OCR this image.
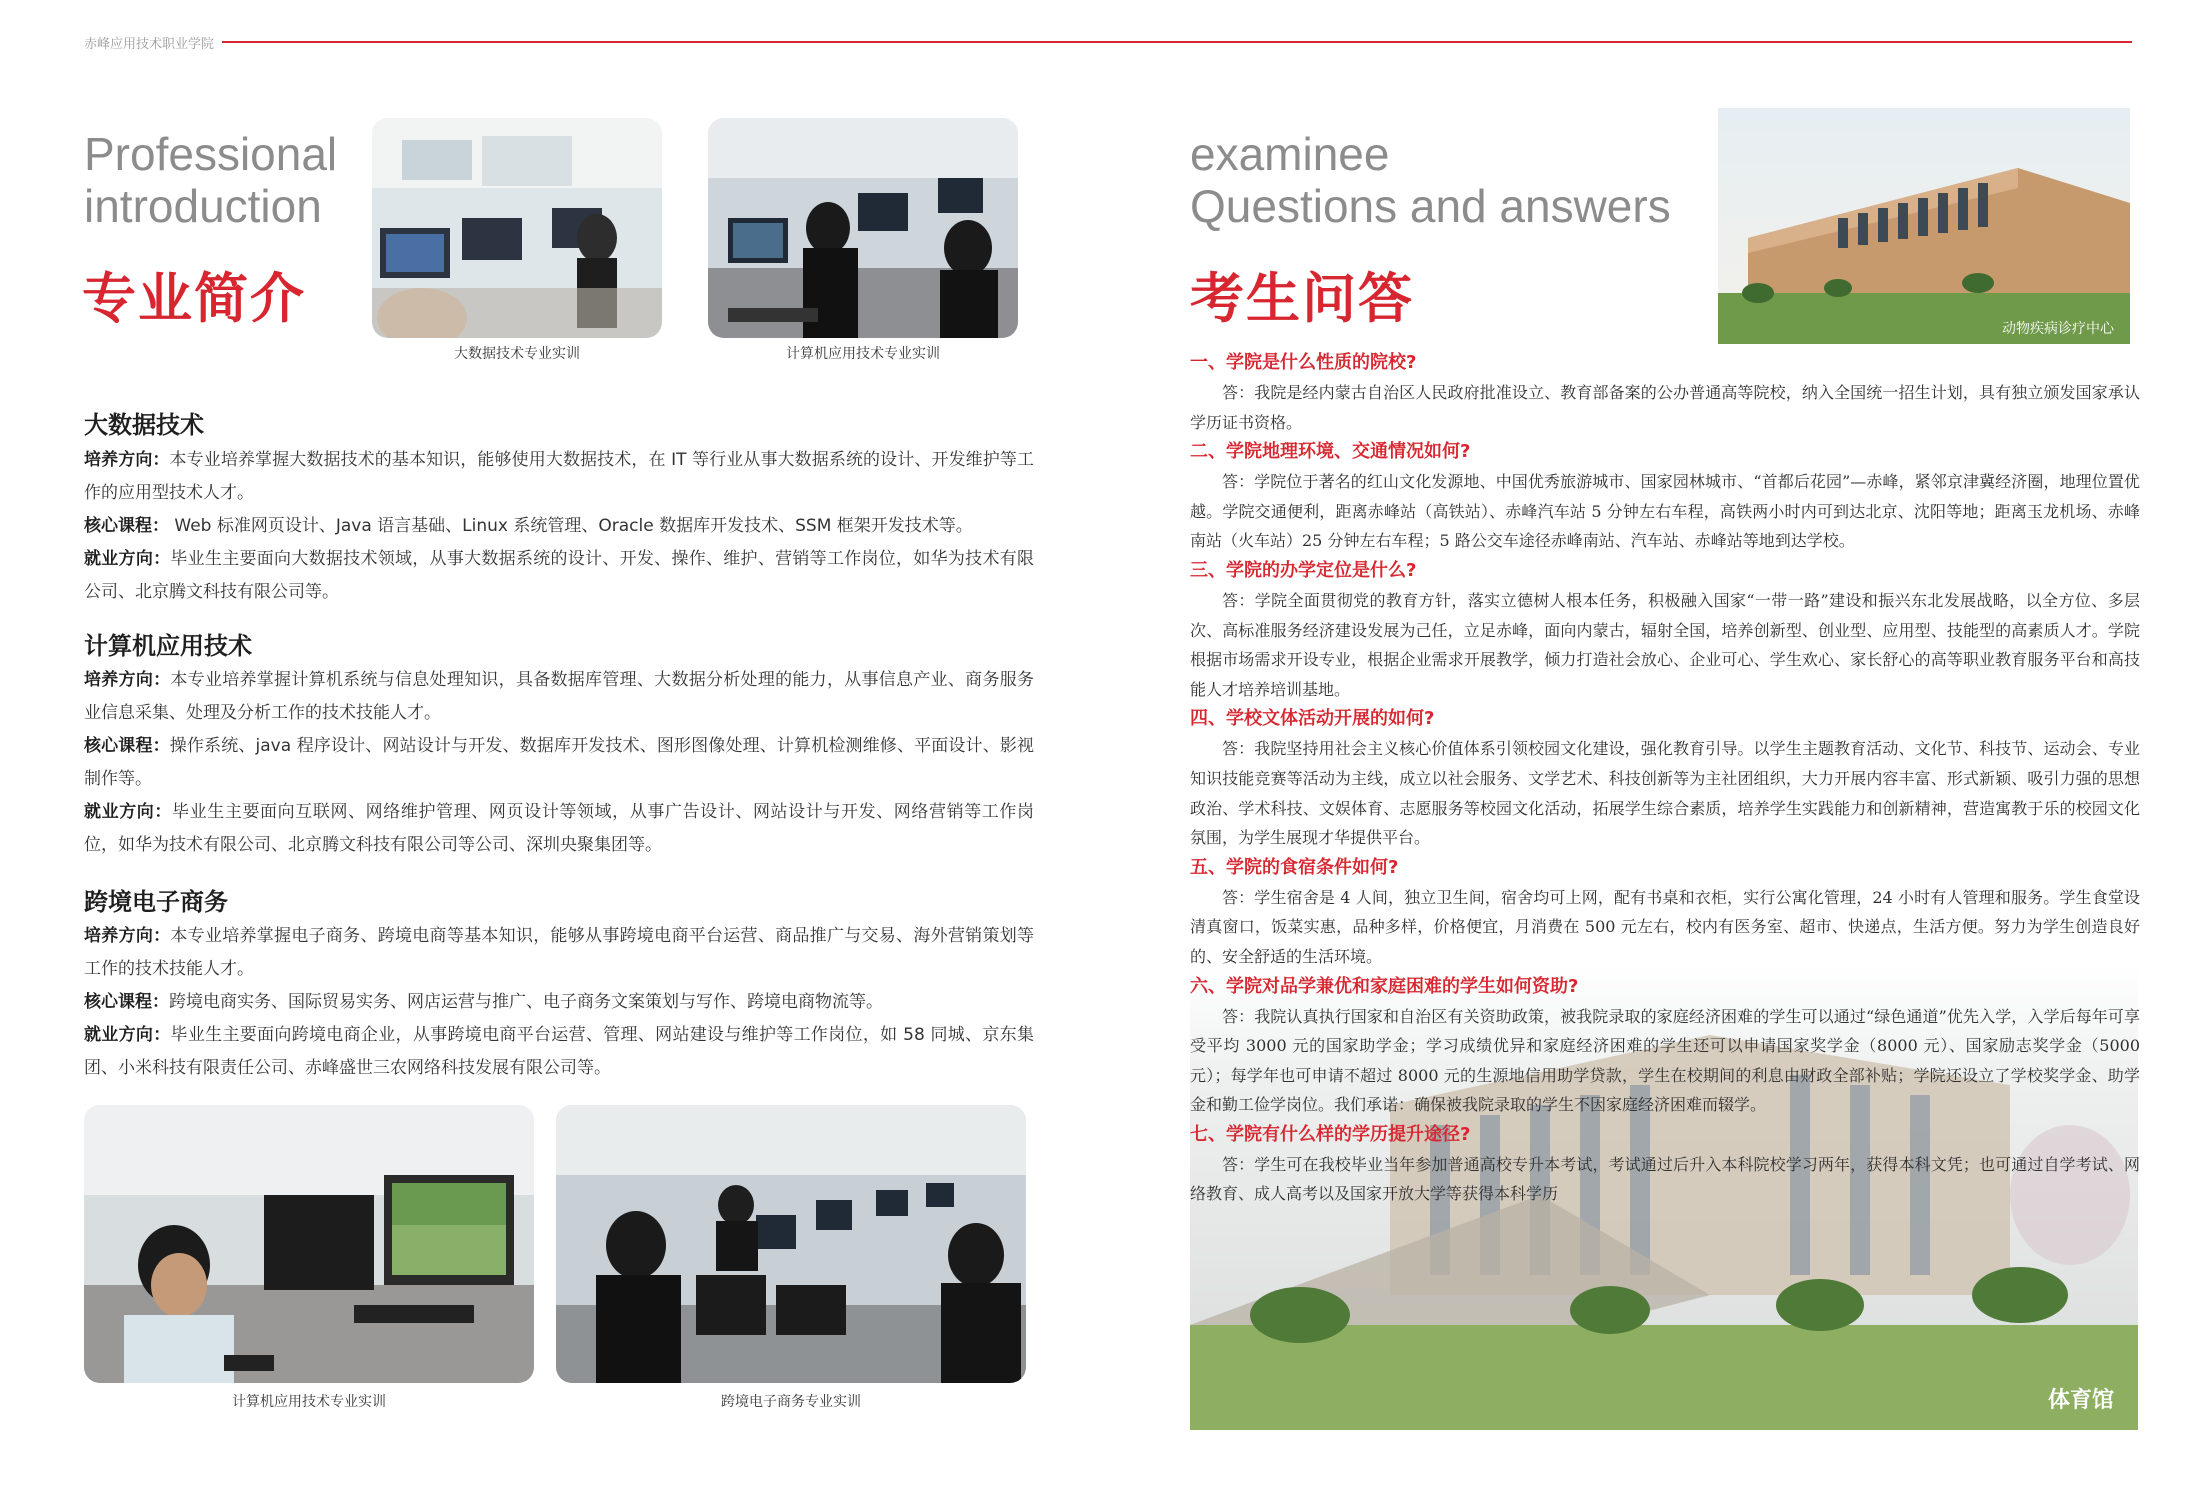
赤峰应用技术职业学院
Professional
introduction
专业简介
大数据技术专业实训	计算机应用技术专业实训
大数据技术
培养方向：本专业培养掌握大数据技术的基本知识，能够使用大数据技术，在 IT 等行业从事大数据系统的设计、开发维护等工作的应用型技术人才。
核心课程： Web 标准网页设计、Java 语言基础、Linux 系统管理、Oracle 数据库开发技术、SSM 框架开发技术等。
就业方向：毕业生主要面向大数据技术领域，从事大数据系统的设计、开发、操作、维护、营销等工作岗位，如华为技术有限公司、北京腾文科技有限公司等。
计算机应用技术
培养方向：本专业培养掌握计算机系统与信息处理知识，具备数据库管理、大数据分析处理的能力，从事信息产业、商务服务业信息采集、处理及分析工作的技术技能人才。
核心课程：操作系统、java 程序设计、网站设计与开发、数据库开发技术、图形图像处理、计算机检测维修、平面设计、影视制作等。
就业方向：毕业生主要面向互联网、网络维护管理、网页设计等领域，从事广告设计、网站设计与开发、网络营销等工作岗位，如华为技术有限公司、北京腾文科技有限公司等公司、深圳央聚集团等。
跨境电子商务
培养方向：本专业培养掌握电子商务、跨境电商等基本知识，能够从事跨境电商平台运营、商品推广与交易、海外营销策划等工作的技术技能人才。
核心课程：跨境电商实务、国际贸易实务、网店运营与推广、电子商务文案策划与写作、跨境电商物流等。
就业方向：毕业生主要面向跨境电商企业，从事跨境电商平台运营、管理、网站建设与维护等工作岗位，如 58 同城、京东集团、小米科技有限责任公司、赤峰盛世三农网络科技发展有限公司等。
计算机应用技术专业实训	跨境电子商务专业实训
examinee
Questions and answers
考生问答	动物疾病诊疗中心
体育馆
一、学院是什么性质的院校?
答：我院是经内蒙古自治区人民政府批准设立、教育部备案的公办普通高等院校，纳入全国统一招生计划，具有独立颁发国家承认学历证书资格。
二、学院地理环境、交通情况如何?
答：学院位于著名的红山文化发源地、中国优秀旅游城市、国家园林城市、“首都后花园”—赤峰，紧邻京津冀经济圈，地理位置优越。学院交通便利，距离赤峰站（高铁站）、赤峰汽车站 5 分钟左右车程，高铁两小时内可到达北京、沈阳等地；距离玉龙机场、赤峰南站（火车站）25 分钟左右车程；5 路公交车途径赤峰南站、汽车站、赤峰站等地到达学校。
三、学院的办学定位是什么?
答：学院全面贯彻党的教育方针，落实立德树人根本任务，积极融入国家“一带一路”建设和振兴东北发展战略，以全方位、多层次、高标准服务经济建设发展为己任，立足赤峰，面向内蒙古，辐射全国，培养创新型、创业型、应用型、技能型的高素质人才。学院根据市场需求开设专业，根据企业需求开展教学，倾力打造社会放心、企业可心、学生欢心、家长舒心的高等职业教育服务平台和高技能人才培养培训基地。
四、学校文体活动开展的如何?
答：我院坚持用社会主义核心价值体系引领校园文化建设，强化教育引导。以学生主题教育活动、文化节、科技节、运动会、专业知识技能竞赛等活动为主线，成立以社会服务、文学艺术、科技创新等为主社团组织，大力开展内容丰富、形式新颖、吸引力强的思想政治、学术科技、文娱体育、志愿服务等校园文化活动，拓展学生综合素质，培养学生实践能力和创新精神，营造寓教于乐的校园文化氛围，为学生展现才华提供平台。
五、学院的食宿条件如何?
答：学生宿舍是 4 人间，独立卫生间，宿舍均可上网，配有书桌和衣柜，实行公寓化管理，24 小时有人管理和服务。学生食堂设清真窗口，饭菜实惠，品种多样，价格便宜，月消费在 500 元左右，校内有医务室、超市、快递点，生活方便。努力为学生创造良好的、安全舒适的生活环境。
六、学院对品学兼优和家庭困难的学生如何资助?
答：我院认真执行国家和自治区有关资助政策，被我院录取的家庭经济困难的学生可以通过“绿色通道”优先入学，入学后每年可享受平均 3000 元的国家助学金；学习成绩优异和家庭经济困难的学生还可以申请国家奖学金（8000 元）、国家励志奖学金（5000 元）；每学年也可申请不超过 8000 元的生源地信用助学贷款，学生在校期间的利息由财政全部补贴；学院还设立了学校奖学金、助学金和勤工俭学岗位。我们承诺：确保被我院录取的学生不因家庭经济困难而辍学。
七、学院有什么样的学历提升途径?
答：学生可在我校毕业当年参加普通高校专升本考试，考试通过后升入本科院校学习两年，获得本科文凭；也可通过自学考试、网络教育、成人高考以及国家开放大学等获得本科学历
